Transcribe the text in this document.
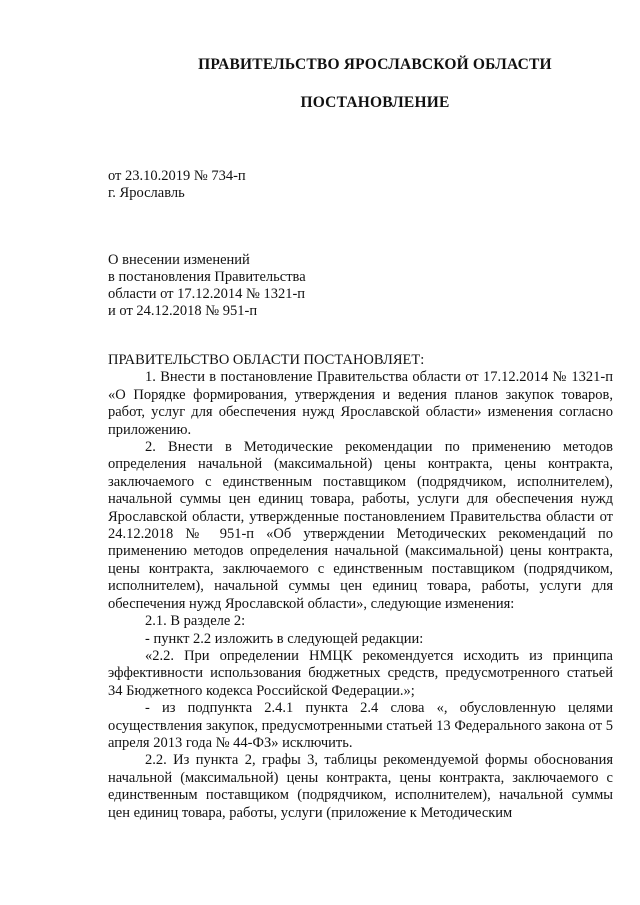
ПРАВИТЕЛЬСТВО ЯРОСЛАВСКОЙ ОБЛАСТИ
ПОСТАНОВЛЕНИЕ
от 23.10.2019 № 734-п
г. Ярославль
О внесении изменений
в постановления Правительства
области от 17.12.2014 № 1321-п
и от 24.12.2018 № 951-п

ПРАВИТЕЛЬСТВО ОБЛАСТИ ПОСТАНОВЛЯЕТ:

1. Внести в постановление Правительства области от 17.12.2014 № 1321-п «О Порядке формирования, утверждения и ведения планов закупок товаров, работ, услуг для обеспечения нужд Ярославской области» изменения согласно приложению.

2. Внести в Методические рекомендации по применению методов определения начальной (максимальной) цены контракта, цены контракта, заключаемого с единственным поставщиком (подрядчиком, исполнителем), начальной суммы цен единиц товара, работы, услуги для обеспечения нужд Ярославской области, утвержденные постановлением Правительства области от 24.12.2018 № 951-п «Об утверждении Методических рекомендаций по применению методов определения начальной (максимальной) цены контракта, цены контракта, заключаемого с единственным поставщиком (подрядчиком, исполнителем), начальной суммы цен единиц товара, работы, услуги для обеспечения нужд Ярославской области», следующие изменения:

2.1. В разделе 2:

- пункт 2.2 изложить в следующей редакции:

«2.2. При определении НМЦК рекомендуется исходить из принципа эффективности использования бюджетных средств, предусмотренного статьей 34 Бюджетного кодекса Российской Федерации.»;

- из подпункта 2.4.1 пункта 2.4 слова «, обусловленную целями осуществления закупок, предусмотренными статьей 13 Федерального закона от 5 апреля 2013 года № 44-ФЗ» исключить.

2.2. Из пункта 2, графы 3, таблицы рекомендуемой формы обоснования начальной (максимальной) цены контракта, цены контракта, заключаемого с единственным поставщиком (подрядчиком, исполнителем), начальной суммы цен единиц товара, работы, услуги (приложение к Методическим
